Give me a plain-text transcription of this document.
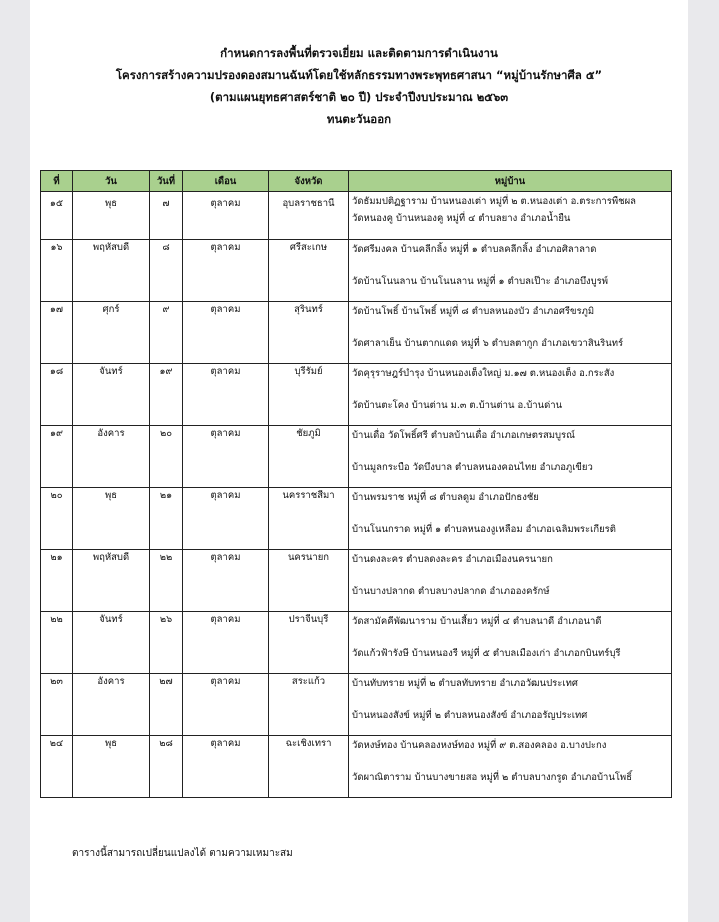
กำหนดการลงพื้นที่ตรวจเยี่ยม และติดตามการดำเนินงาน
โครงการสร้างความปรองดองสมานฉันท์โดยใช้หลักธรรมทางพระพุทธศาสนา “หมู่บ้านรักษาศีล ๕”
(ตามแผนยุทธศาสตร์ชาติ ๒๐ ปี) ประจำปีงบประมาณ ๒๕๖๓
ทนตะวันออก
ที่	วัน	วันที่	เดือน	จังหวัด	หมู่บ้าน
๑๕	พุธ	๗	ตุลาคม	อุบลราชธานี	วัดธัมมปติฏฐาราม บ้านหนองเต่า หมู่ที่ ๒ ต.หนองเต่า อ.ตระการพืชผล
วัดหนองคู บ้านหนองคู หมู่ที่ ๔ ตำบลยาง อำเภอน้ำยืน

๑๖	พฤหัสบดี	๘	ตุลาคม	ศรีสะเกษ	วัดศรีมงคล บ้านคลีกลิ้ง หมู่ที่ ๑ ตำบลคลีกลิ้ง อำเภอศิลาลาด
วัดบ้านโนนลาน บ้านโนนลาน หมู่ที่ ๑ ตำบลเป๊าะ อำเภอบึงบูรพ์

๑๗	ศุกร์	๙	ตุลาคม	สุรินทร์	วัดบ้านโพธิ์ บ้านโพธิ์ หมู่ที่ ๘ ตำบลหนองบัว อำเภอศรีขรภูมิ
วัดศาลาเย็น บ้านตากแดด หมู่ที่ ๖ ตำบลตากูก อำเภอเขวาสินรินทร์

๑๘	จันทร์	๑๙	ตุลาคม	บุรีรัมย์	วัดคุรุราษฎร์บำรุง บ้านหนองเต็งใหญ่ ม.๑๗ ต.หนองเต็ง อ.กระสัง
วัดบ้านตะโคง บ้านต่าน ม.๓ ต.บ้านต่าน อ.บ้านด่าน

๑๙	อังคาร	๒๐	ตุลาคม	ชัยภูมิ	บ้านเดื่อ วัดโพธิ์ศรี ตำบลบ้านเดื่อ อำเภอเกษตรสมบูรณ์
บ้านมูลกระบือ วัดบึงบาล ตำบลหนองคอนไทย อำเภอภูเขียว

๒๐	พุธ	๒๑	ตุลาคม	นครราชสีมา	บ้านพรมราช หมู่ที่ ๘ ตำบลดูม อำเภอปักธงชัย
บ้านโนนกราด หมู่ที่ ๑ ตำบลหนองงูเหลือม อำเภอเฉลิมพระเกียรติ

๒๑	พฤหัสบดี	๒๒	ตุลาคม	นครนายก	บ้านดงละคร ตำบลดงละคร อำเภอเมืองนครนายก
บ้านบางปลากด ตำบลบางปลากด อำเภอองครักษ์

๒๒	จันทร์	๒๖	ตุลาคม	ปราจีนบุรี	วัดสามัคคีพัฒนาราม บ้านเสี้ยว หมู่ที่ ๔ ตำบลนาดี อำเภอนาดี
วัดแก้วฟ้ารังษี บ้านหนองรี หมู่ที่ ๕ ตำบลเมืองเก่า อำเภอกบินทร์บุรี

๒๓	อังคาร	๒๗	ตุลาคม	สระแก้ว	บ้านทับทราย หมู่ที่ ๒ ตำบลทับทราย อำเภอวัฒนประเทศ
บ้านหนองสังข์ หมู่ที่ ๒ ตำบลหนองสังข์ อำเภออรัญประเทศ

๒๔	พุธ	๒๘	ตุลาคม	ฉะเชิงเทรา	วัดหงษ์ทอง บ้านคลองหงษ์ทอง หมู่ที่ ๙ ต.สองคลอง อ.บางปะกง
วัดผาณิตาราม บ้านบางขายสอ หมู่ที่ ๒ ตำบลบางกรูด อำเภอบ้านโพธิ์
ตารางนี้สามารถเปลี่ยนแปลงได้ ตามความเหมาะสม
